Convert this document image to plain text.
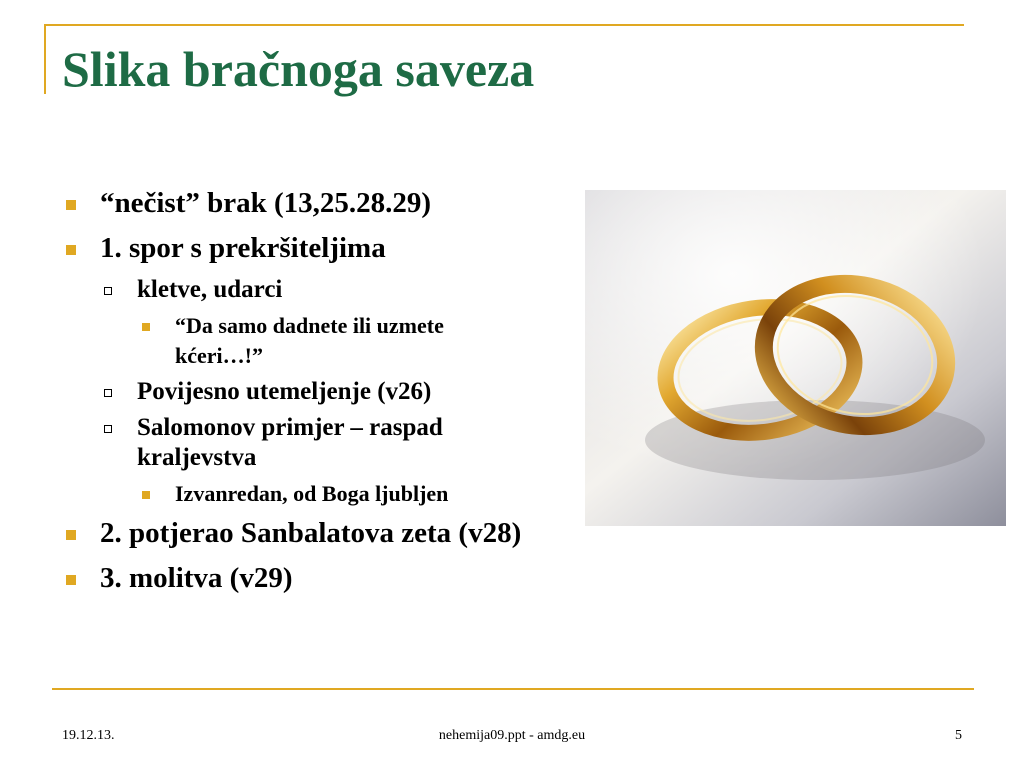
Slika bračnoga saveza
“nečist” brak (13,25.28.29)
1. spor s prekršiteljima
kletve, udarci
“Da samo dadnete ili uzmete kćeri…!”
Povijesno utemeljenje (v26)
Salomonov primjer – raspad kraljevstva
Izvanredan, od Boga ljubljen
2. potjerao Sanbalatova zeta (v28)
3. molitva (v29)
19.12.13.	nehemija09.ppt - amdg.eu	5
